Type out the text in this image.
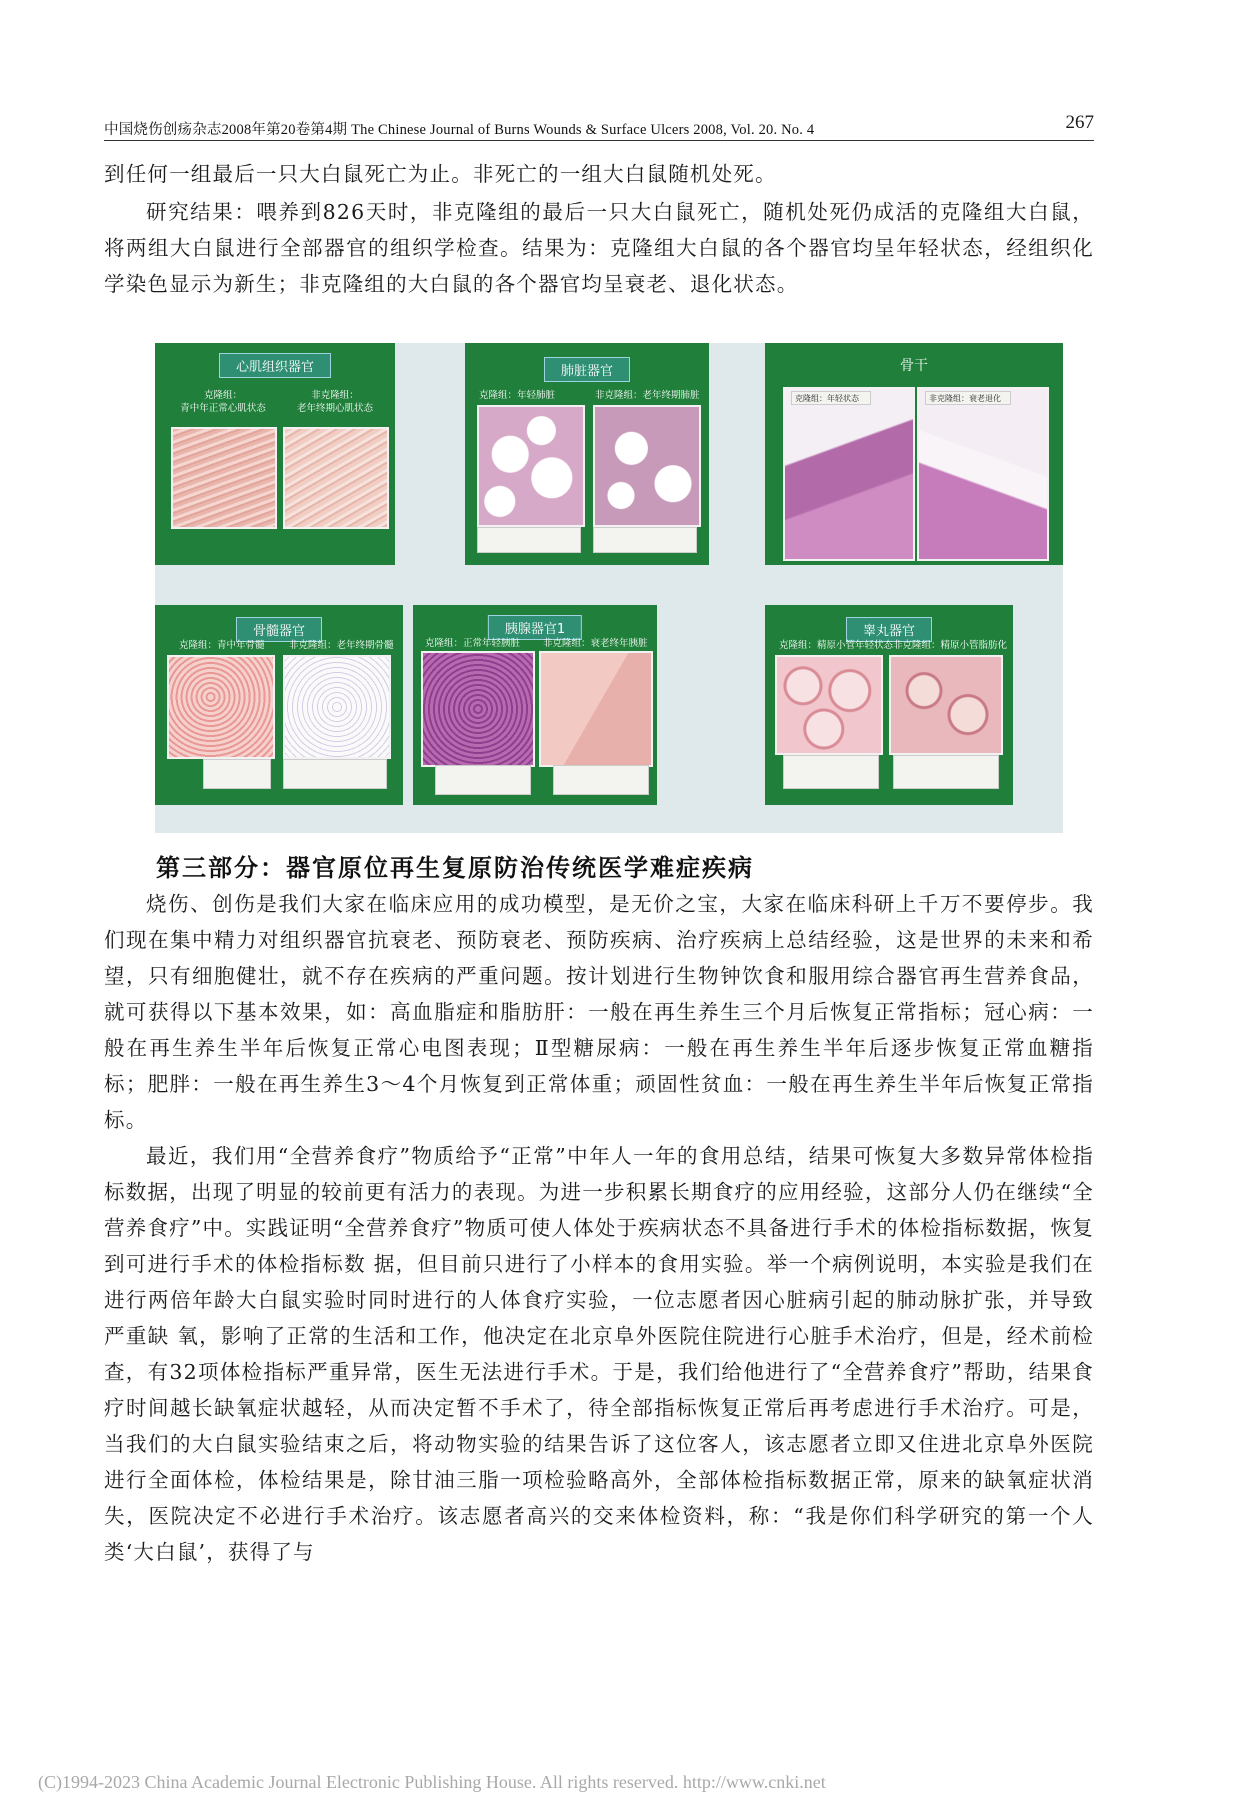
中国烧伤创疡杂志2008年第20卷第4期 The Chinese Journal of Burns Wounds & Surface Ulcers 2008, Vol. 20. No. 4	267
到任何一组最后一只大白鼠死亡为止。非死亡的一组大白鼠随机处死。
研究结果：喂养到826天时，非克隆组的最后一只大白鼠死亡，随机处死仍成活的克隆组大白鼠，将两组大白鼠进行全部器官的组织学检查。结果为：克隆组大白鼠的各个器官均呈年轻状态，经组织化学染色显示为新生；非克隆组的大白鼠的各个器官均呈衰老、退化状态。
心肌组织器官
克隆组：
青中年正常心肌状态
非克隆组：
老年终期心肌状态
肺脏器官
克隆组：年轻肺脏	非克隆组：老年终期肺脏
骨干
克隆组：年轻状态	非克隆组：衰老退化
骨髓器官
克隆组：青中年骨髓	非克隆组：老年终期骨髓
胰腺器官1
克隆组：正常年轻胰脏 非克隆组：衰老终年胰脏
睾丸器官
克隆组：精原小管年轻状态 非克隆组：精原小管脂肪化
第三部分：器官原位再生复原防治传统医学难症疾病
烧伤、创伤是我们大家在临床应用的成功模型，是无价之宝，大家在临床科研上千万不要停步。我们现在集中精力对组织器官抗衰老、预防衰老、预防疾病、治疗疾病上总结经验，这是世界的未来和希望，只有细胞健壮，就不存在疾病的严重问题。按计划进行生物钟饮食和服用综合器官再生营养食品，就可获得以下基本效果，如：高血脂症和脂肪肝：一般在再生养生三个月后恢复正常指标；冠心病：一般在再生养生半年后恢复正常心电图表现；Ⅱ型糖尿病：一般在再生养生半年后逐步恢复正常血糖指标；肥胖：一般在再生养生3～4个月恢复到正常体重；顽固性贫血：一般在再生养生半年后恢复正常指标。
最近，我们用“全营养食疗”物质给予“正常”中年人一年的食用总结，结果可恢复大多数异常体检指标数据，出现了明显的较前更有活力的表现。为进一步积累长期食疗的应用经验，这部分人仍在继续“全营养食疗”中。实践证明“全营养食疗”物质可使人体处于疾病状态不具备进行手术的体检指标数据，恢复到可进行手术的体检指标数 据，但目前只进行了小样本的食用实验。举一个病例说明，本实验是我们在进行两倍年龄大白鼠实验时同时进行的人体食疗实验，一位志愿者因心脏病引起的肺动脉扩张，并导致严重缺 氧，影响了正常的生活和工作，他决定在北京阜外医院住院进行心脏手术治疗，但是，经术前检查，有32项体检指标严重异常，医生无法进行手术。于是，我们给他进行了“全营养食疗”帮助，结果食疗时间越长缺氧症状越轻，从而决定暂不手术了，待全部指标恢复正常后再考虑进行手术治疗。可是，当我们的大白鼠实验结束之后，将动物实验的结果告诉了这位客人，该志愿者立即又住进北京阜外医院进行全面体检，体检结果是，除甘油三脂一项检验略高外，全部体检指标数据正常，原来的缺氧症状消失，医院决定不必进行手术治疗。该志愿者高兴的交来体检资料，称：“我是你们科学研究的第一个人类‘大白鼠’，获得了与
(C)1994-2023 China Academic Journal Electronic Publishing House. All rights reserved. http://www.cnki.net
